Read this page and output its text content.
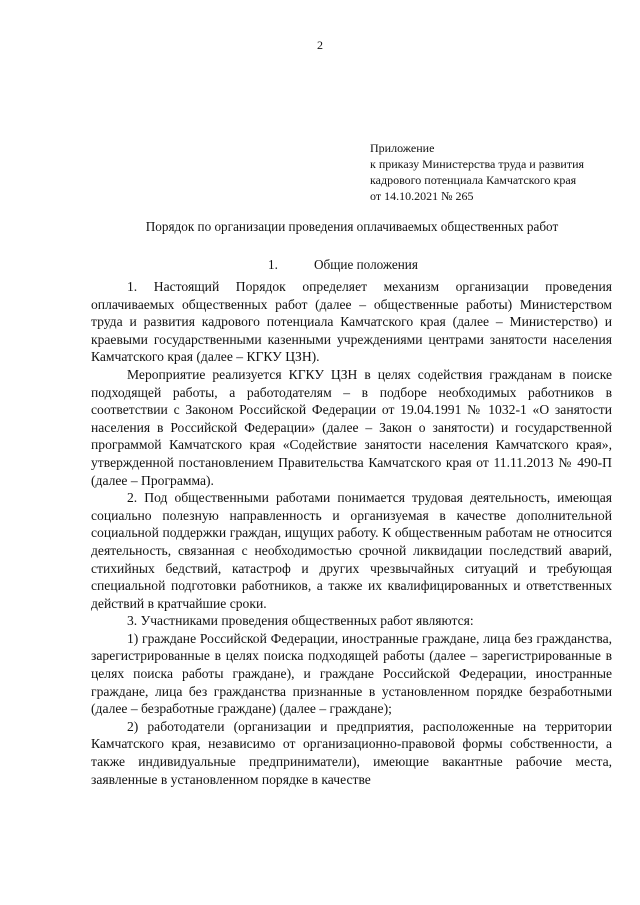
2
Приложение
к приказу Министерства труда и развития
кадрового потенциала Камчатского края
от 14.10.2021 № 265
Порядок по организации проведения оплачиваемых общественных работ
1.	Общие положения

1. Настоящий Порядок определяет механизм организации проведения оплачиваемых общественных работ (далее – общественные работы) Министерством труда и развития кадрового потенциала Камчатского края (далее – Министерство) и краевыми государственными казенными учреждениями центрами занятости населения Камчатского края (далее – КГКУ ЦЗН).

Мероприятие реализуется КГКУ ЦЗН в целях содействия гражданам в поиске подходящей работы, а работодателям – в подборе необходимых работников в соответствии с Законом Российской Федерации от 19.04.1991 № 1032-1 «О занятости населения в Российской Федерации» (далее – Закон о занятости) и государственной программой Камчатского края «Содействие занятости населения Камчатского края», утвержденной постановлением Правительства Камчатского края от 11.11.2013 № 490-П (далее – Программа).

2. Под общественными работами понимается трудовая деятельность, имеющая социально полезную направленность и организуемая в качестве дополнительной социальной поддержки граждан, ищущих работу. К общественным работам не относится деятельность, связанная с необходимостью срочной ликвидации последствий аварий, стихийных бедствий, катастроф и других чрезвычайных ситуаций и требующая специальной подготовки работников, а также их квалифицированных и ответственных действий в кратчайшие сроки.

3. Участниками проведения общественных работ являются:

1) граждане Российской Федерации, иностранные граждане, лица без гражданства, зарегистрированные в целях поиска подходящей работы (далее – зарегистрированные в целях поиска работы граждане), и граждане Российской Федерации, иностранные граждане, лица без гражданства признанные в установленном порядке безработными (далее – безработные граждане) (далее – граждане);

2) работодатели (организации и предприятия, расположенные на территории Камчатского края, независимо от организационно-правовой формы собственности, а также индивидуальные предприниматели), имеющие вакантные рабочие места, заявленные в установленном порядке в качестве
